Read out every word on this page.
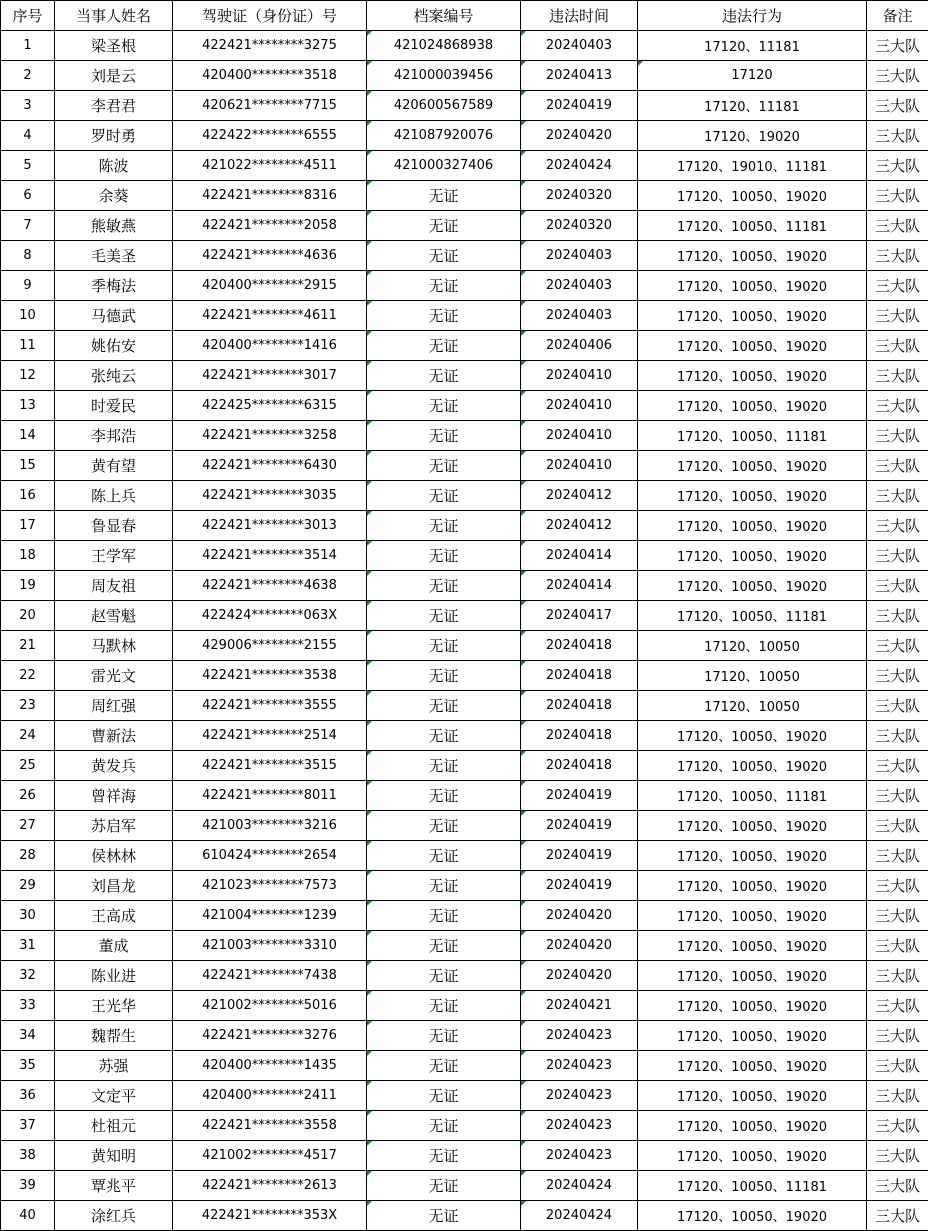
序号	当事人姓名	驾驶证（身份证）号	档案编号	违法时间	违法行为	备注
1	梁圣根	422421********3275	421024868938	20240403	17120、11181	三大队
2	刘是云	420400********3518	421000039456	20240413	17120	三大队
3	李君君	420621********7715	420600567589	20240419	17120、11181	三大队
4	罗时勇	422422********6555	421087920076	20240420	17120、19020	三大队
5	陈波	421022********4511	421000327406	20240424	17120、19010、11181	三大队
6	余葵	422421********8316	无证	20240320	17120、10050、19020	三大队
7	熊敏燕	422421********2058	无证	20240320	17120、10050、11181	三大队
8	毛美圣	422421********4636	无证	20240403	17120、10050、19020	三大队
9	季梅法	420400********2915	无证	20240403	17120、10050、19020	三大队
10	马德武	422421********4611	无证	20240403	17120、10050、19020	三大队
11	姚佑安	420400********1416	无证	20240406	17120、10050、19020	三大队
12	张纯云	422421********3017	无证	20240410	17120、10050、19020	三大队
13	时爱民	422425********6315	无证	20240410	17120、10050、19020	三大队
14	李邦浩	422421********3258	无证	20240410	17120、10050、11181	三大队
15	黄有望	422421********6430	无证	20240410	17120、10050、19020	三大队
16	陈上兵	422421********3035	无证	20240412	17120、10050、19020	三大队
17	鲁显春	422421********3013	无证	20240412	17120、10050、19020	三大队
18	王学军	422421********3514	无证	20240414	17120、10050、19020	三大队
19	周友祖	422421********4638	无证	20240414	17120、10050、19020	三大队
20	赵雪魁	422424********063X	无证	20240417	17120、10050、11181	三大队
21	马默林	429006********2155	无证	20240418	17120、10050	三大队
22	雷光文	422421********3538	无证	20240418	17120、10050	三大队
23	周红强	422421********3555	无证	20240418	17120、10050	三大队
24	曹新法	422421********2514	无证	20240418	17120、10050、19020	三大队
25	黄发兵	422421********3515	无证	20240418	17120、10050、19020	三大队
26	曾祥海	422421********8011	无证	20240419	17120、10050、11181	三大队
27	苏启军	421003********3216	无证	20240419	17120、10050、19020	三大队
28	侯林林	610424********2654	无证	20240419	17120、10050、19020	三大队
29	刘昌龙	421023********7573	无证	20240419	17120、10050、19020	三大队
30	王高成	421004********1239	无证	20240420	17120、10050、19020	三大队
31	董成	421003********3310	无证	20240420	17120、10050、19020	三大队
32	陈业进	422421********7438	无证	20240420	17120、10050、19020	三大队
33	王光华	421002********5016	无证	20240421	17120、10050、19020	三大队
34	魏帮生	422421********3276	无证	20240423	17120、10050、19020	三大队
35	苏强	420400********1435	无证	20240423	17120、10050、19020	三大队
36	文定平	420400********2411	无证	20240423	17120、10050、19020	三大队
37	杜祖元	422421********3558	无证	20240423	17120、10050、19020	三大队
38	黄知明	421002********4517	无证	20240423	17120、10050、19020	三大队
39	覃兆平	422421********2613	无证	20240424	17120、10050、11181	三大队
40	涂红兵	422421********353X	无证	20240424	17120、10050、19020	三大队
